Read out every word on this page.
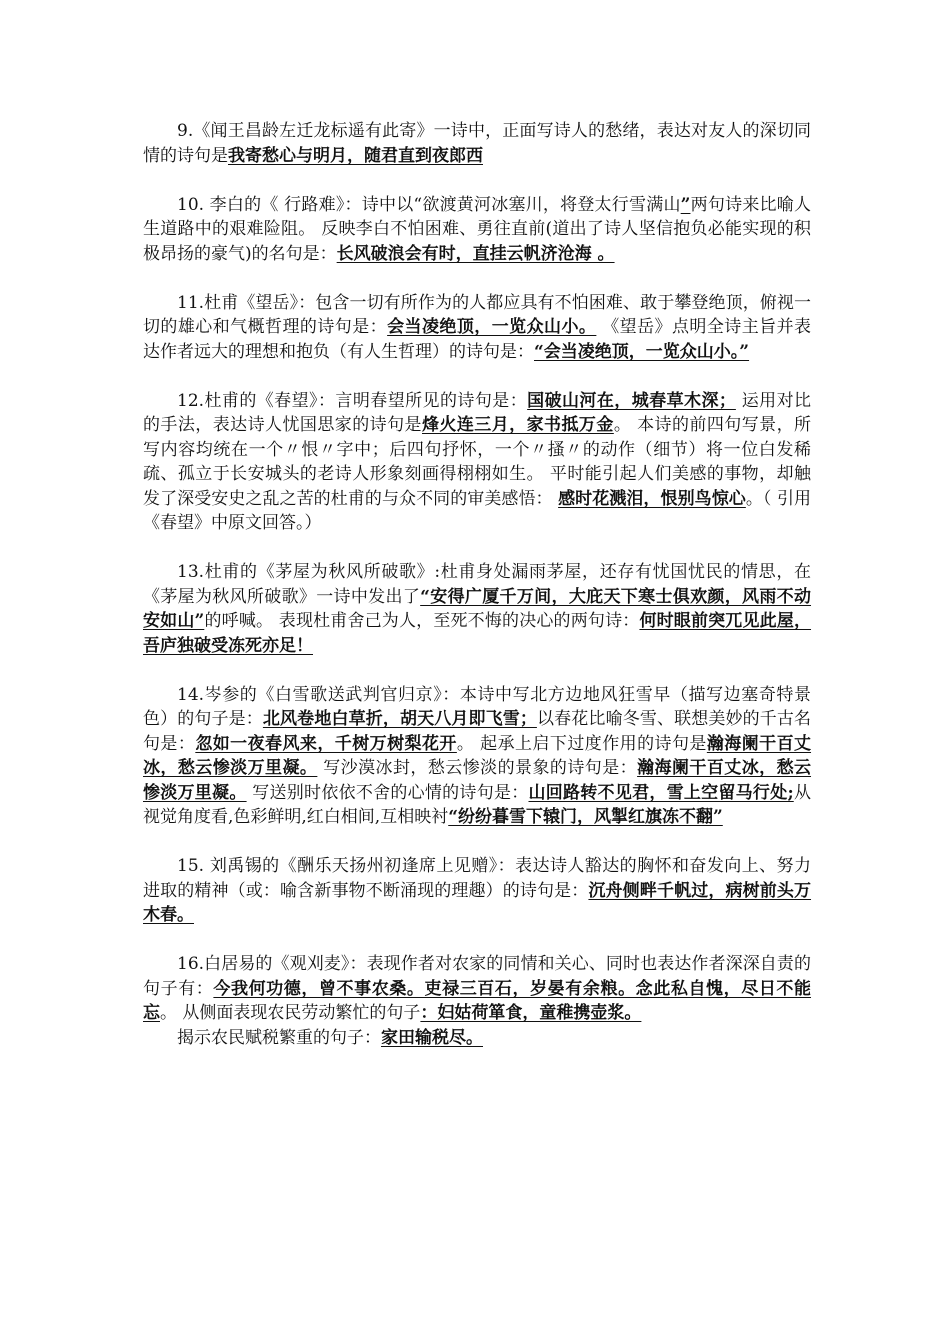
9.《闻王昌龄左迁龙标遥有此寄》一诗中，正面写诗人的愁绪，表达对友人的深切同情的诗句是我寄愁心与明月，随君直到夜郎西

10. 李白的《 行路难》：诗中以“欲渡黄河冰塞川，将登太行雪满山”两句诗来比喻人生道路中的艰难险阻。 反映李白不怕困难、勇往直前(道出了诗人坚信抱负必能实现的积极昂扬的豪气)的名句是：长风破浪会有时，直挂云帆济沧海 。

11.杜甫《望岳》：包含一切有所作为的人都应具有不怕困难、敢于攀登绝顶，俯视一切的雄心和气概哲理的诗句是：会当凌绝顶，一览众山小。 《望岳》点明全诗主旨并表达作者远大的理想和抱负（有人生哲理）的诗句是：“会当凌绝顶，一览众山小。”

12.杜甫的《春望》：言明春望所见的诗句是：国破山河在，城春草木深； 运用对比的手法，表达诗人忧国思家的诗句是烽火连三月，家书抵万金。 本诗的前四句写景，所写内容均统在一个〃恨〃字中；后四句抒怀，一个〃搔〃的动作（细节）将一位白发稀疏、孤立于长安城头的老诗人形象刻画得栩栩如生。 平时能引起人们美感的事物，却触发了深受安史之乱之苦的杜甫的与众不同的审美感悟： 感时花溅泪，恨别鸟惊心。（ 引用《春望》中原文回答。）

13.杜甫的《茅屋为秋风所破歌》:杜甫身处漏雨茅屋，还存有忧国忧民的情思，在《茅屋为秋风所破歌》一诗中发出了“安得广厦千万间，大庇天下寒士俱欢颜，风雨不动安如山”的呼喊。 表现杜甫舍己为人，至死不悔的决心的两句诗：何时眼前突兀见此屋，吾庐独破受冻死亦足！

14.岑参的《白雪歌送武判官归京》：本诗中写北方边地风狂雪早（描写边塞奇特景色）的句子是：北风卷地白草折，胡天八月即飞雪；以春花比喻冬雪、联想美妙的千古名句是：忽如一夜春风来，千树万树梨花开。 起承上启下过度作用的诗句是瀚海阑干百丈冰，愁云惨淡万里凝。 写沙漠冰封，愁云惨淡的景象的诗句是：瀚海阑干百丈冰，愁云惨淡万里凝。 写送别时依依不舍的心情的诗句是：山回路转不见君，雪上空留马行处;从视觉角度看,色彩鲜明,红白相间,互相映衬“纷纷暮雪下辕门，风掣红旗冻不翻”

15. 刘禹锡的《酬乐天扬州初逢席上见赠》：表达诗人豁达的胸怀和奋发向上、努力进取的精神（或：喻含新事物不断涌现的理趣）的诗句是：沉舟侧畔千帆过，病树前头万木春。

16.白居易的《观刈麦》：表现作者对农家的同情和关心、同时也表达作者深深自责的句子有：今我何功德，曾不事农桑。吏禄三百石，岁晏有余粮。念此私自愧，尽日不能忘。 从侧面表现农民劳动繁忙的句子：妇姑荷箪食，童稚携壶浆。

揭示农民赋税繁重的句子：家田输税尽。
